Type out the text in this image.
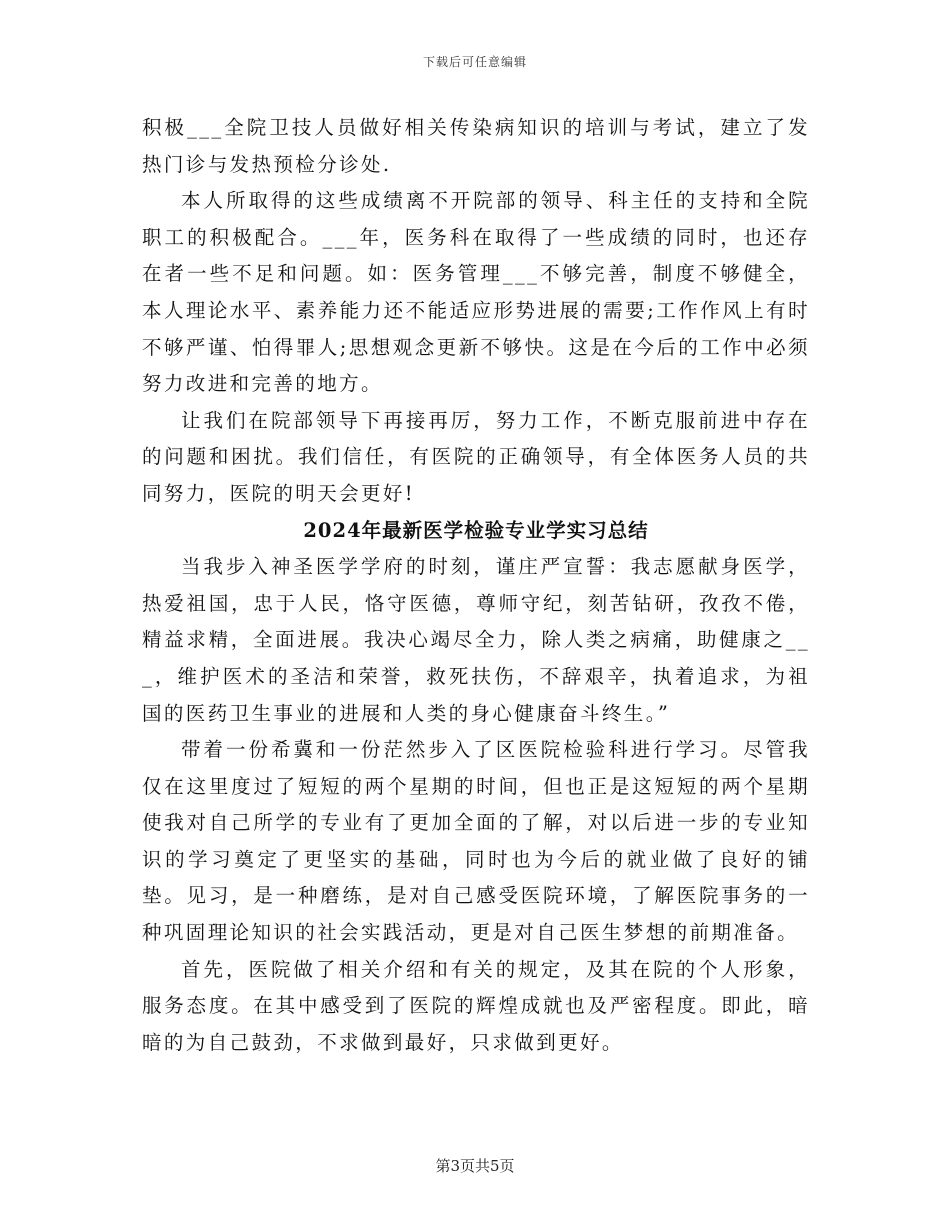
下载后可任意编辑

积极___全院卫技人员做好相关传染病知识的培训与考试，建立了发热门诊与发热预检分诊处.

本人所取得的这些成绩离不开院部的领导、科主任的支持和全院职工的积极配合。___年，医务科在取得了一些成绩的同时，也还存在者一些不足和问题。如：医务管理___不够完善，制度不够健全，本人理论水平、素养能力还不能适应形势进展的需要;工作作风上有时不够严谨、怕得罪人;思想观念更新不够快。这是在今后的工作中必须努力改进和完善的地方。

让我们在院部领导下再接再厉，努力工作，不断克服前进中存在的问题和困扰。我们信任，有医院的正确领导，有全体医务人员的共同努力，医院的明天会更好!

2024年最新医学检验专业学实习总结

当我步入神圣医学学府的时刻，谨庄严宣誓：我志愿献身医学，热爱祖国，忠于人民，恪守医德，尊师守纪，刻苦钻研，孜孜不倦，精益求精，全面进展。我决心竭尽全力，除人类之病痛，助健康之___，维护医术的圣洁和荣誉，救死扶伤，不辞艰辛，执着追求，为祖国的医药卫生事业的进展和人类的身心健康奋斗终生。”

带着一份希冀和一份茫然步入了区医院检验科进行学习。尽管我仅在这里度过了短短的两个星期的时间，但也正是这短短的两个星期使我对自己所学的专业有了更加全面的了解，对以后进一步的专业知识的学习奠定了更坚实的基础，同时也为今后的就业做了良好的铺垫。见习，是一种磨练，是对自己感受医院环境，了解医院事务的一种巩固理论知识的社会实践活动，更是对自己医生梦想的前期准备。

首先，医院做了相关介绍和有关的规定，及其在院的个人形象，服务态度。在其中感受到了医院的辉煌成就也及严密程度。即此，暗暗的为自己鼓劲，不求做到最好，只求做到更好。

第3页共5页
